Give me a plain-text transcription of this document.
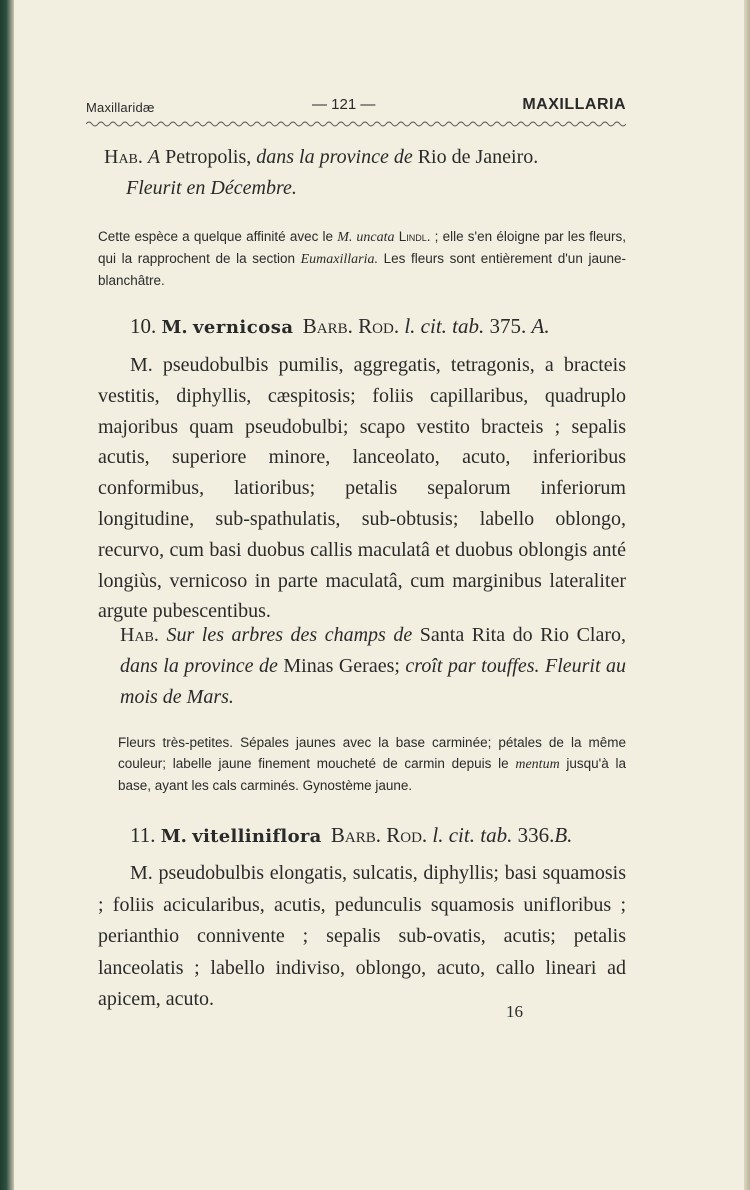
Maxillaridæ	— 121 —	MAXILLARIA
Hab. A Petropolis, dans la province de Rio de Janeiro.
Fleurit en Décembre.
Cette espèce a quelque affinité avec le M. uncata Lindl. ; elle s'en éloigne par les fleurs, qui la rapprochent de la section Eumaxillaria. Les fleurs sont entièrement d'un jaune-blanchâtre.
10. M. vernicosa Barb. Rod. l. cit. tab. 375. A.
M. pseudobulbis pumilis, aggregatis, tetragonis, a bracteis vestitis, diphyllis, cæspitosis; foliis capillaribus, quadruplo majoribus quam pseudobulbi; scapo vestito bracteis ; sepalis acutis, superiore minore, lanceolato, acuto, inferioribus conformibus, latioribus; petalis sepalorum inferiorum longitudine, sub-spathulatis, sub-obtusis; labello oblongo, recurvo, cum basi duobus callis maculatâ et duobus oblongis anté longiùs, vernicoso in parte maculatâ, cum marginibus lateraliter argute pubescentibus.
Hab. Sur les arbres des champs de Santa Rita do Rio Claro, dans la province de Minas Geraes; croît par touffes. Fleurit au mois de Mars.
Fleurs très-petites. Sépales jaunes avec la base carminée; pétales de la même couleur; labelle jaune finement moucheté de carmin depuis le mentum jusqu'à la base, ayant les cals carminés. Gynostème jaune.
11. M. vitelliniflora Barb. Rod. l. cit. tab. 336.B.
M. pseudobulbis elongatis, sulcatis, diphyllis; basi squamosis ; foliis acicularibus, acutis, pedunculis squamosis unifloribus ; perianthio connivente ; sepalis sub-ovatis, acutis; petalis lanceolatis ; labello indiviso, oblongo, acuto, callo lineari ad apicem, acuto.
16
